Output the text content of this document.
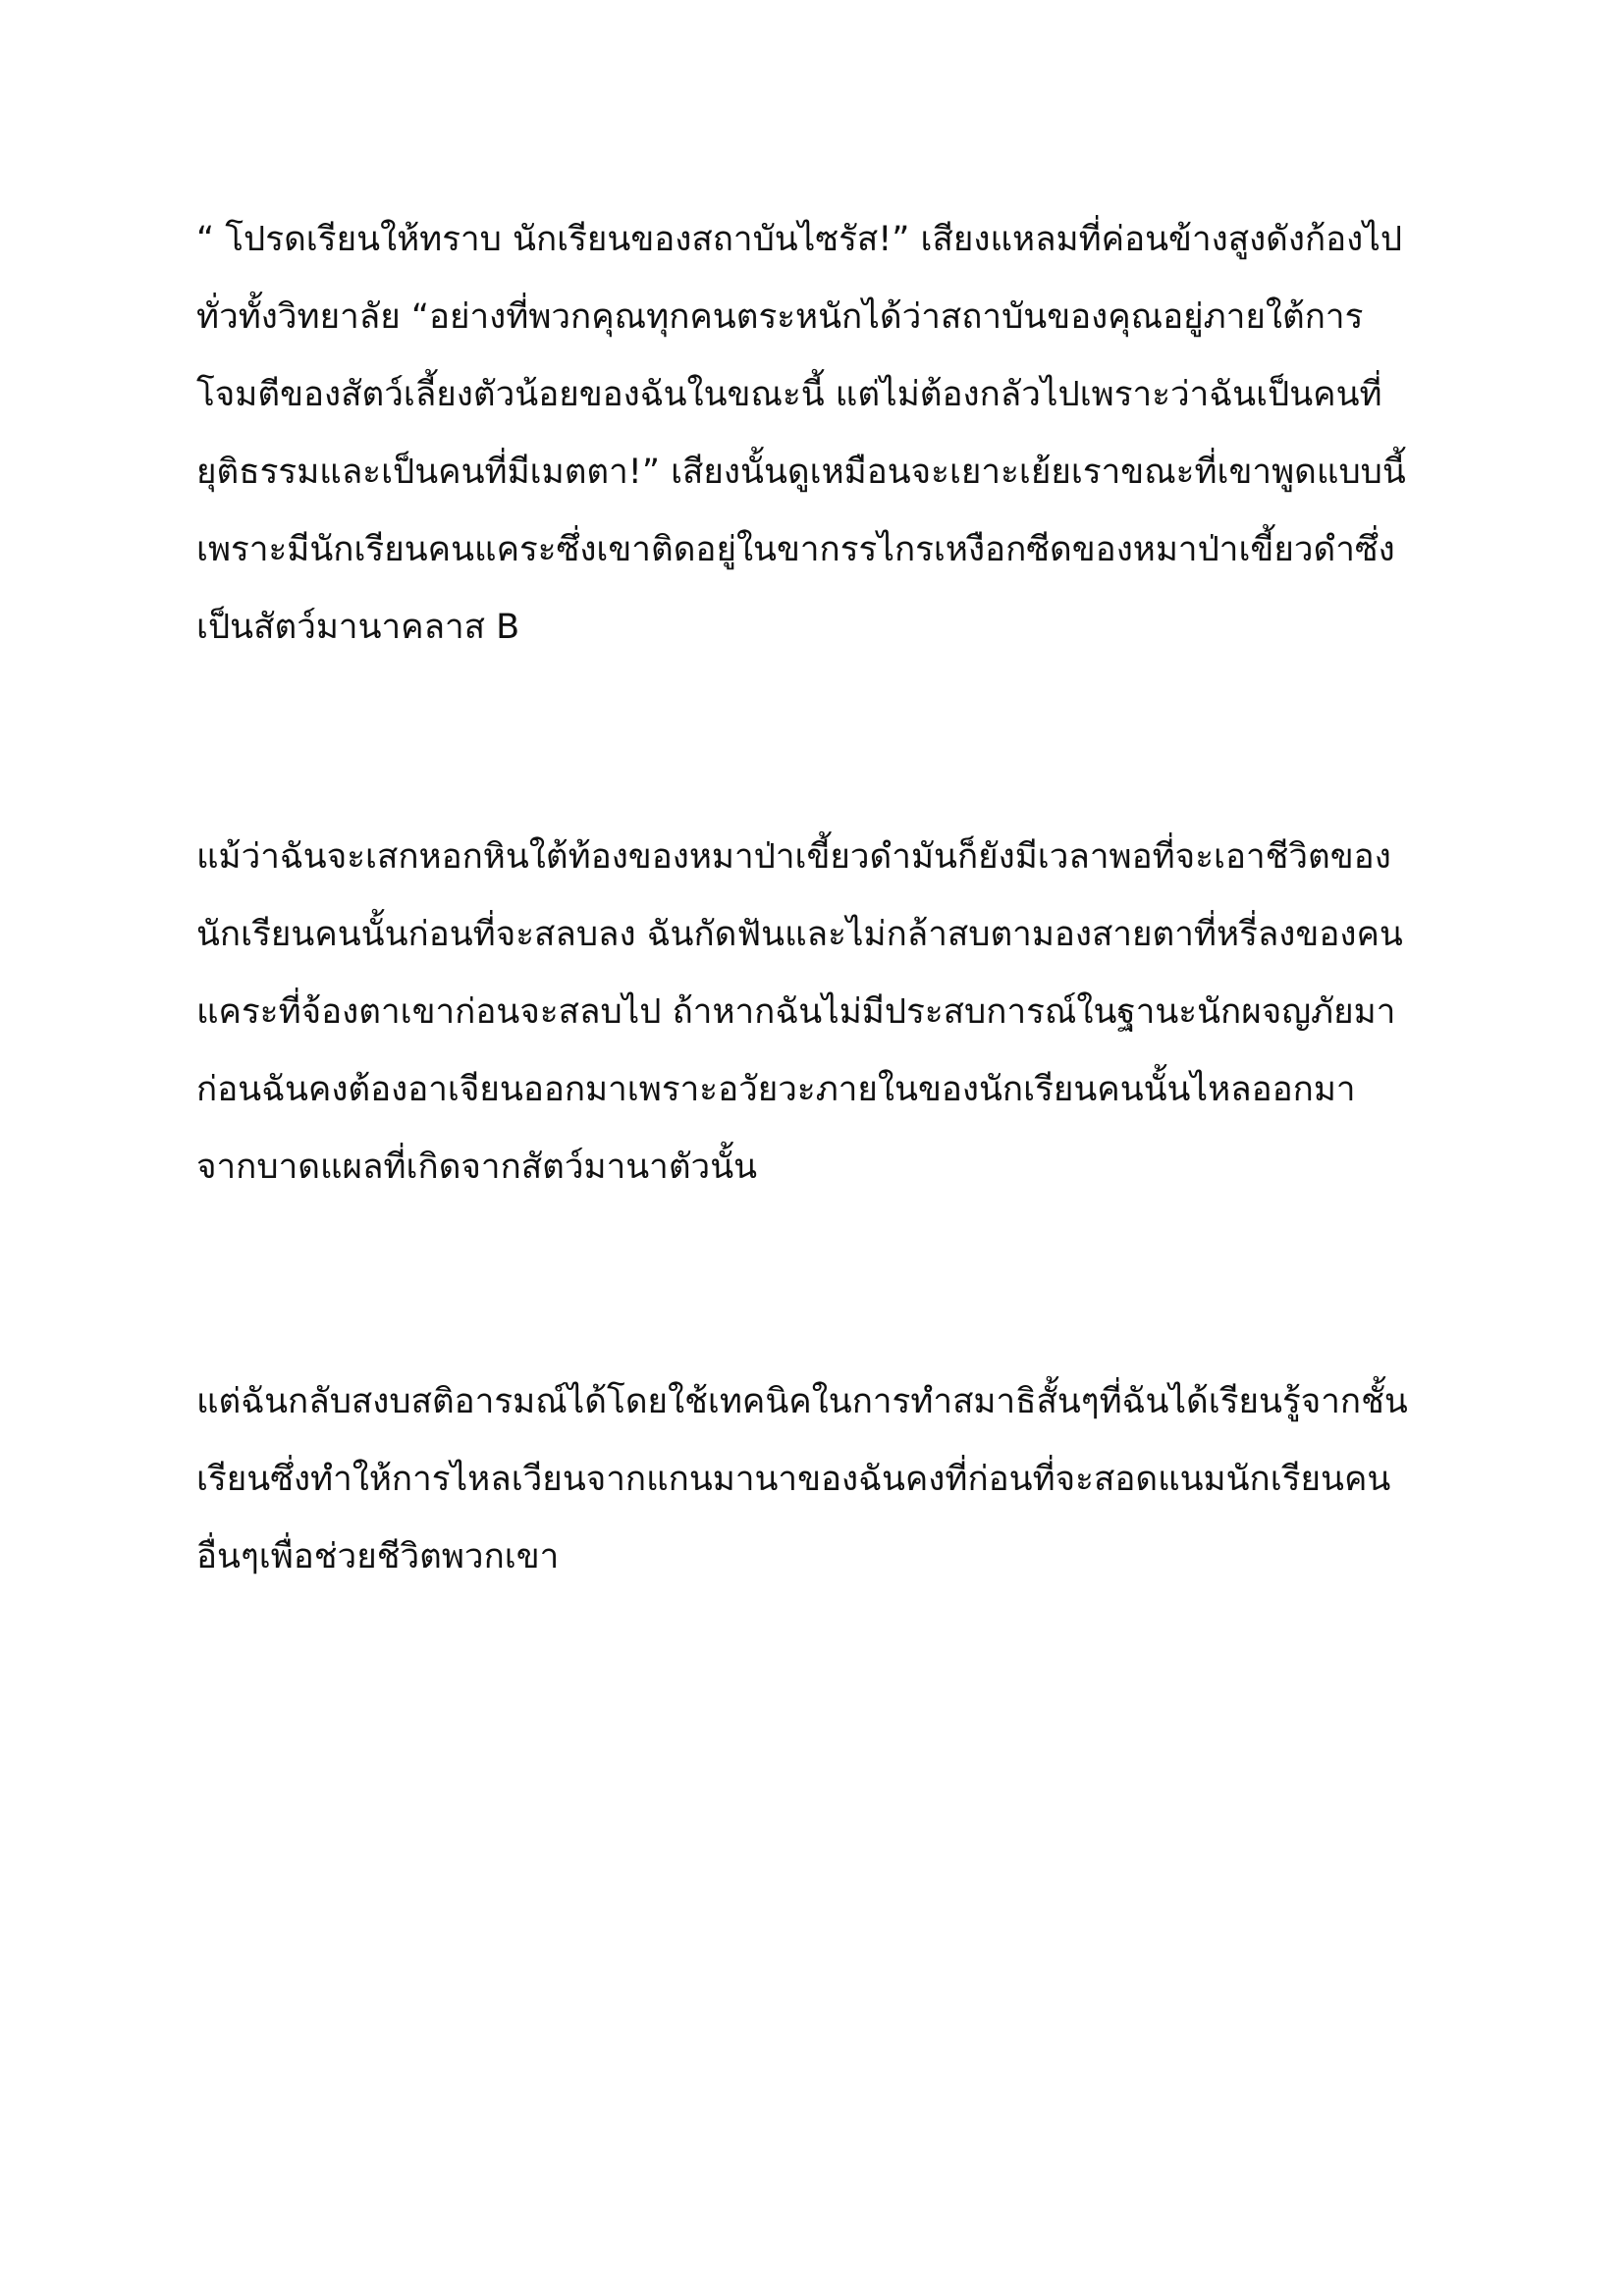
“ โปรดเรียนให้ทราบ นักเรียนของสถาบันไซรัส!” เสียงแหลมที่ค่อนข้างสูงดังก้องไป
ทั่วทั้งวิทยาลัย “อย่างที่พวกคุณทุกคนตระหนักได้ว่าสถาบันของคุณอยู่ภายใต้การ
โจมตีของสัตว์เลี้ยงตัวน้อยของฉันในขณะนี้ แต่ไม่ต้องกลัวไปเพราะว่าฉันเป็นคนที่
ยุติธรรมและเป็นคนที่มีเมตตา!” เสียงนั้นดูเหมือนจะเยาะเย้ยเราขณะที่เขาพูดแบบนี้
เพราะมีนักเรียนคนแคระซึ่งเขาติดอยู่ในขากรรไกรเหงือกซีดของหมาป่าเขี้ยวดำซึ่ง
เป็นสัตว์มานาคลาส B
แม้ว่าฉันจะเสกหอกหินใต้ท้องของหมาป่าเขี้ยวดำมันก็ยังมีเวลาพอที่จะเอาชีวิตของ
นักเรียนคนนั้นก่อนที่จะสลบลง ฉันกัดฟันและไม่กล้าสบตามองสายตาที่หรี่ลงของคน
แคระที่จ้องตาเขาก่อนจะสลบไป ถ้าหากฉันไม่มีประสบการณ์ในฐานะนักผจญภัยมา
ก่อนฉันคงต้องอาเจียนออกมาเพราะอวัยวะภายในของนักเรียนคนนั้นไหลออกมา
จากบาดแผลที่เกิดจากสัตว์มานาตัวนั้น
แต่ฉันกลับสงบสติอารมณ์ได้โดยใช้เทคนิคในการทำสมาธิสั้นๆที่ฉันได้เรียนรู้จากชั้น
เรียนซึ่งทำให้การไหลเวียนจากแกนมานาของฉันคงที่ก่อนที่จะสอดแนมนักเรียนคน
อื่นๆเพื่อช่วยชีวิตพวกเขา
